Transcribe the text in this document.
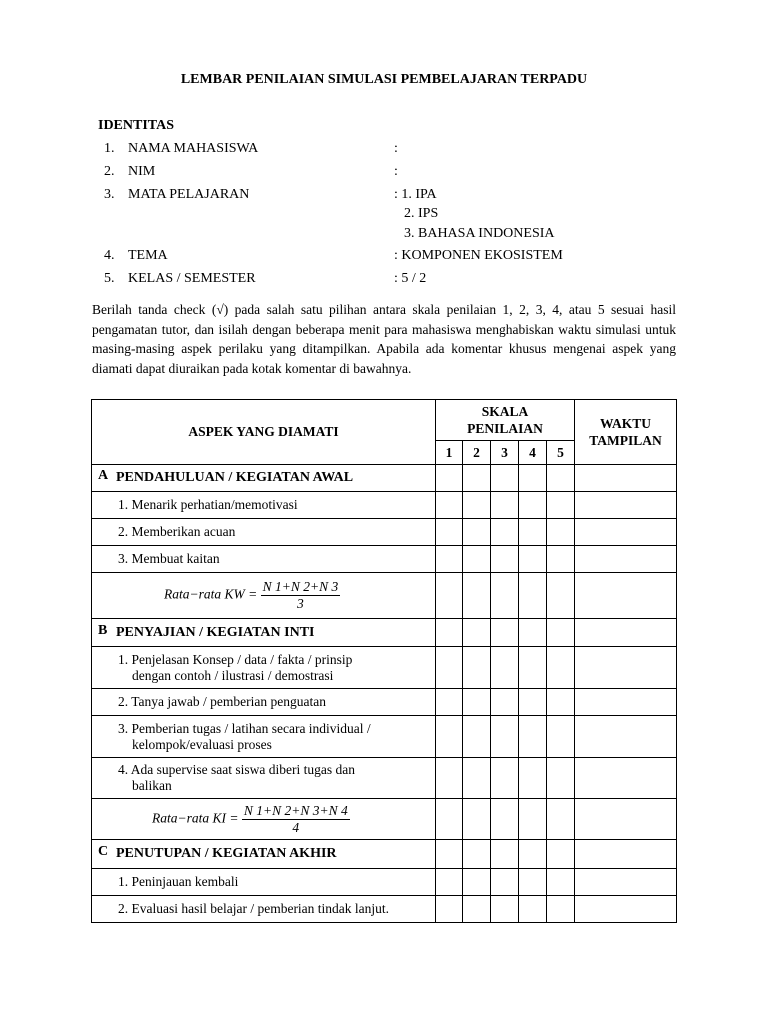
LEMBAR PENILAIAN SIMULASI PEMBELAJARAN TERPADU
IDENTITAS
1. NAMA MAHASISWA	:
2. NIM	:
3. MATA PELAJARAN	: 1. IPA
2. IPS
3. BAHASA INDONESIA
4. TEMA	: KOMPONEN EKOSISTEM
5. KELAS / SEMESTER	: 5 / 2
Berilah tanda check (√) pada salah satu pilihan antara skala penilaian 1, 2, 3, 4, atau 5 sesuai hasil pengamatan tutor, dan isilah dengan beberapa menit para mahasiswa menghabiskan waktu simulasi untuk masing-masing aspek perilaku yang ditampilkan. Apabila ada komentar khusus mengenai aspek yang diamati dapat diuraikan pada kotak komentar di bawahnya.
ASPEK YANG DIAMATI	SKALA PENILAIAN					WAKTU TAMPILAN
	1	2	3	4	5	
A PENDAHULUAN / KEGIATAN AWAL						
1. Menarik perhatian/memotivasi						
2. Memberikan acuan						
3. Membuat kaitan						
Rata−rata KW = $\frac{N 1+N 2+N 3}{3}$

B PENYAJIAN / KEGIATAN INTI						

1. Penjelasan Konsep / data / fakta / prinsip
dengan contoh / ilustrasi / demostrasi						

2. Tanya jawab / pemberian penguatan						

3. Pemberian tugas / latihan secara individual /
kelompok/evaluasi proses						

4. Ada supervise saat siswa diberi tugas dan
balikan						

Rata−rata KI = $\frac{N 1+N 2+N 3+N 4}{4}$

C PENUTUPAN / KEGIATAN AKHIR						
1. Peninjauan kembali						
2. Evaluasi hasil belajar / pemberian tindak lanjut.						
